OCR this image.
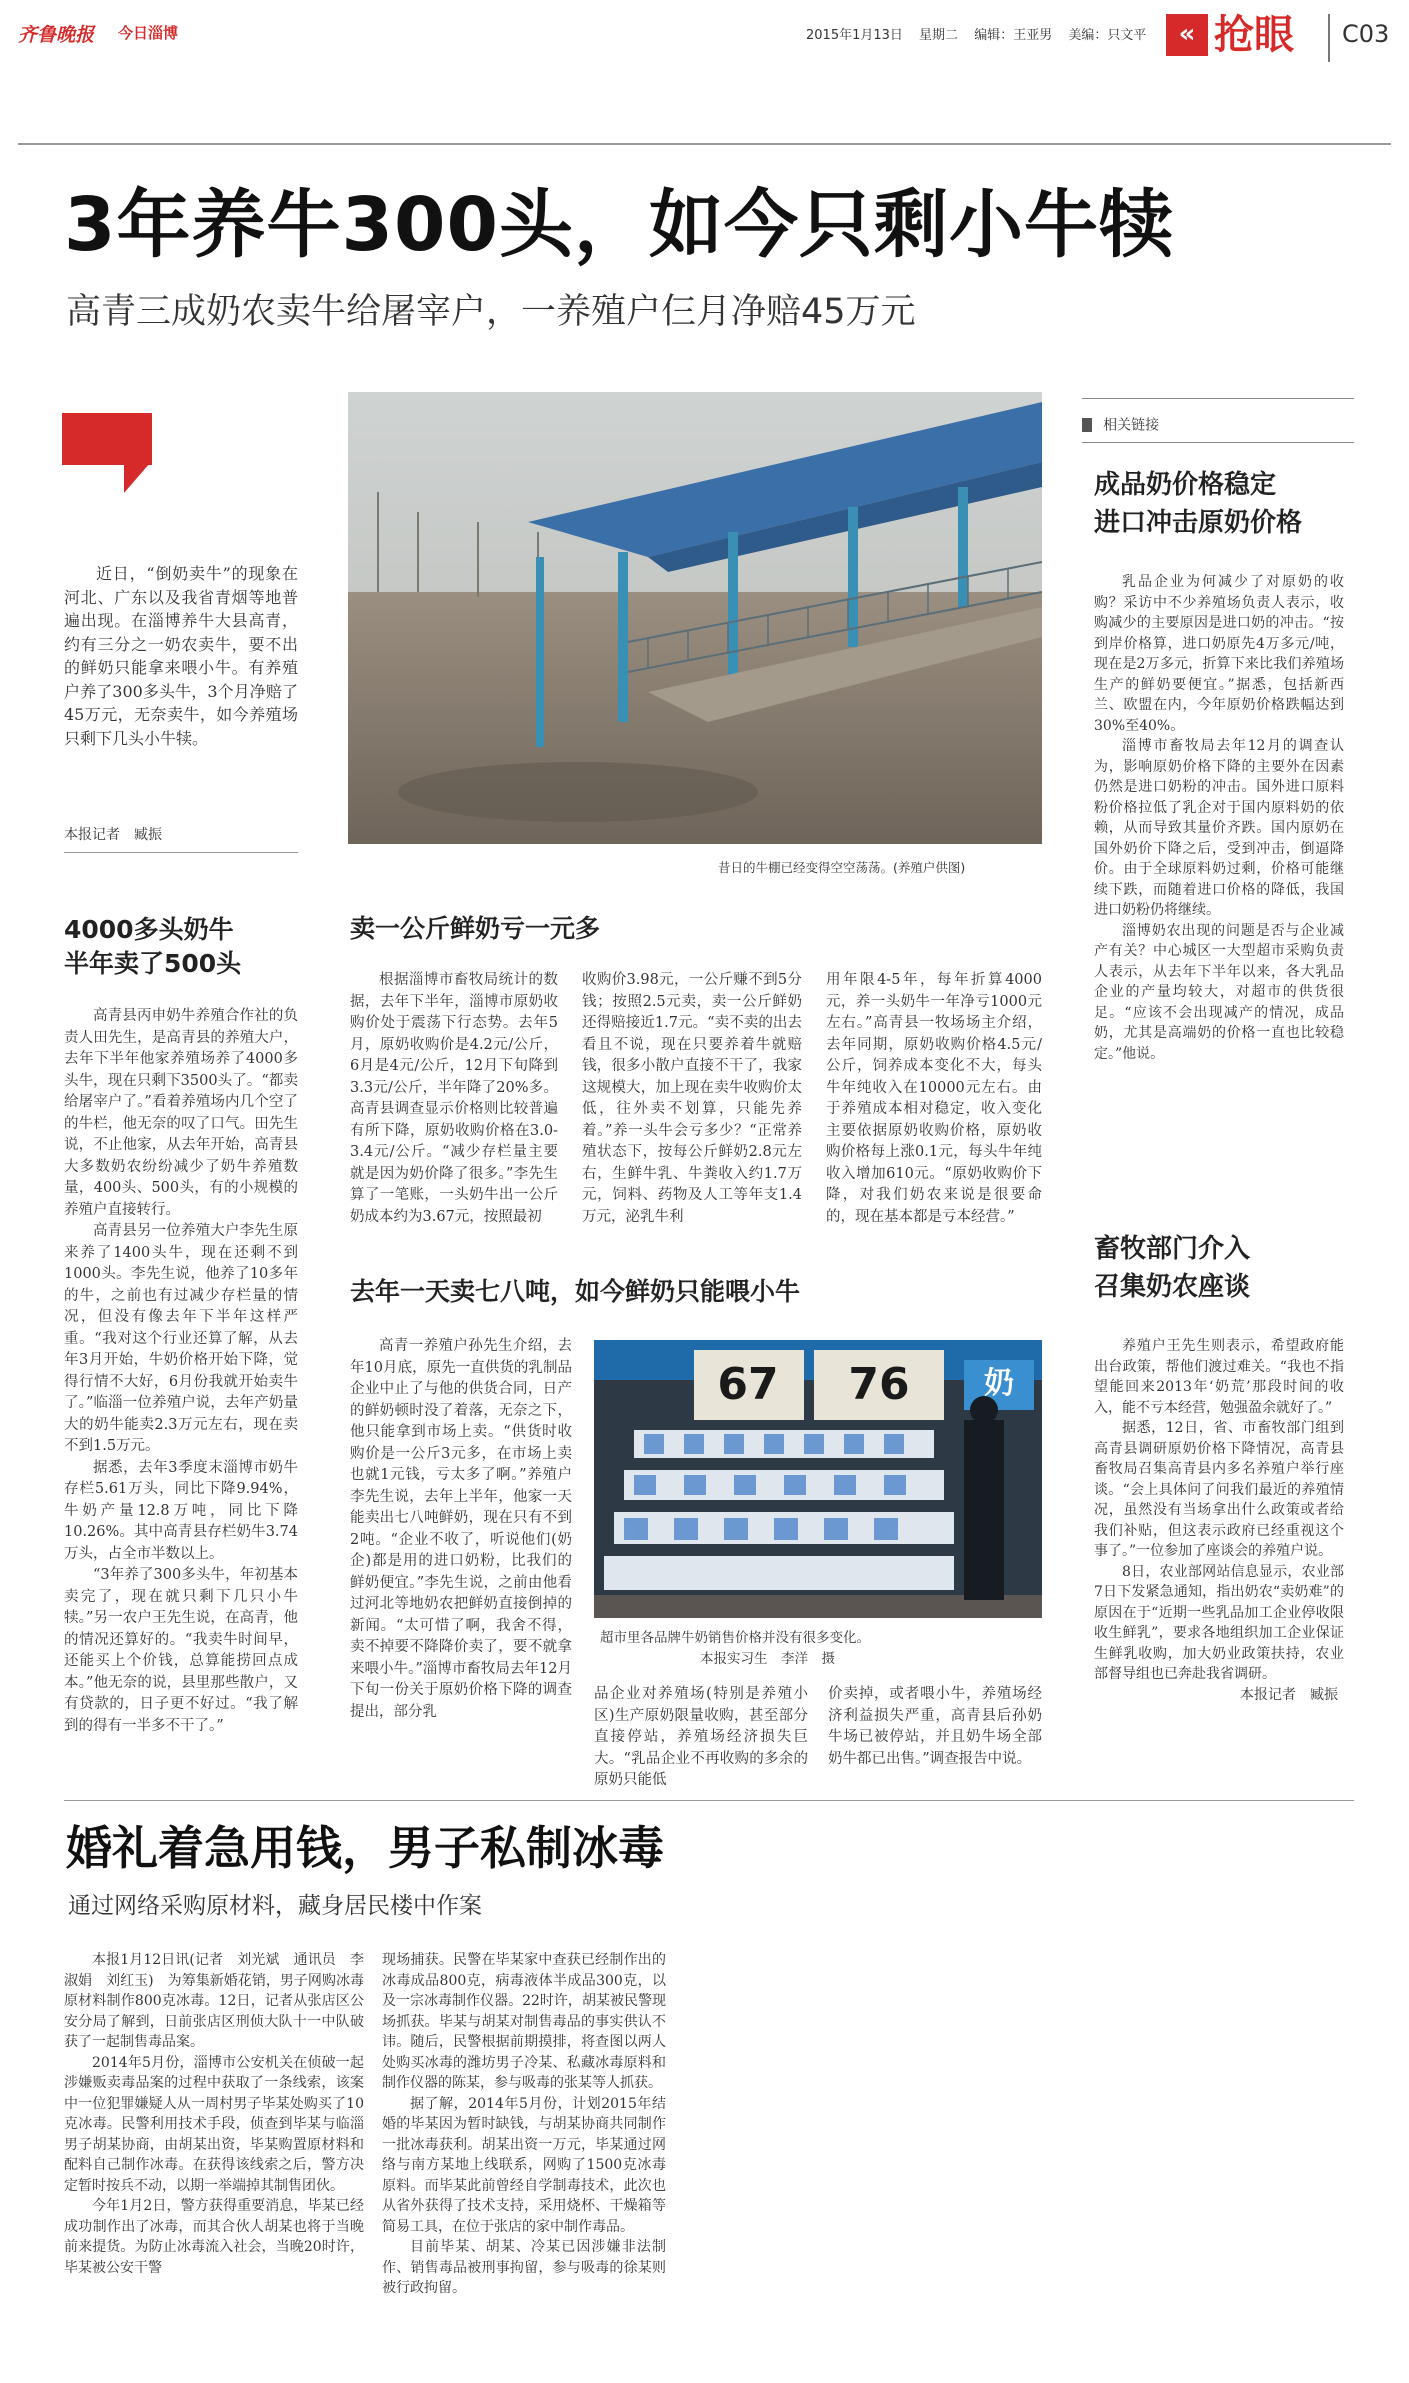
齐鲁晚报 今日淄博	2015年1月13日 星期二 编辑：王亚男 美编：只文平	« 抢眼 C03
3年养牛300头，如今只剩小牛犊
高青三成奶农卖牛给屠宰户，一养殖户仨月净赔45万元

近日，“倒奶卖牛”的现象在河北、广东以及我省青烟等地普遍出现。在淄博养牛大县高青，约有三分之一奶农卖牛，要不出的鲜奶只能拿来喂小牛。有养殖户养了300多头牛，3个月净赔了45万元，无奈卖牛，如今养殖场只剩下几头小牛犊。

本报记者　臧振
昔日的牛棚已经变得空空荡荡。(养殖户供图)
4000多头奶牛
半年卖了500头

高青县丙申奶牛养殖合作社的负责人田先生，是高青县的养殖大户，去年下半年他家养殖场养了4000多头牛，现在只剩下3500头了。“都卖给屠宰户了。”看着养殖场内几个空了的牛栏，他无奈的叹了口气。田先生说，不止他家，从去年开始，高青县大多数奶农纷纷减少了奶牛养殖数量，400头、500头，有的小规模的养殖户直接转行。

高青县另一位养殖大户李先生原来养了1400头牛，现在还剩不到1000头。李先生说，他养了10多年的牛，之前也有过减少存栏量的情况，但没有像去年下半年这样严重。“我对这个行业还算了解，从去年3月开始，牛奶价格开始下降，觉得行情不大好，6月份我就开始卖牛了。”临淄一位养殖户说，去年产奶量大的奶牛能卖2.3万元左右，现在卖不到1.5万元。

据悉，去年3季度末淄博市奶牛存栏5.61万头，同比下降9.94%，牛奶产量12.8万吨，同比下降10.26%。其中高青县存栏奶牛3.74万头，占全市半数以上。

“3年养了300多头牛，年初基本卖完了，现在就只剩下几只小牛犊。”另一农户王先生说，在高青，他的情况还算好的。“我卖牛时间早，还能买上个价钱，总算能捞回点成本。”他无奈的说，县里那些散户，又有贷款的，日子更不好过。“我了解到的得有一半多不干了。”

卖一公斤鲜奶亏一元多

根据淄博市畜牧局统计的数据，去年下半年，淄博市原奶收购价处于震荡下行态势。去年5月，原奶收购价是4.2元/公斤，6月是4元/公斤，12月下旬降到3.3元/公斤，半年降了20%多。高青县调查显示价格则比较普遍有所下降，原奶收购价格在3.0-3.4元/公斤。“减少存栏量主要就是因为奶价降了很多。”李先生算了一笔账，一头奶牛出一公斤奶成本约为3.67元，按照最初

收购价3.98元，一公斤赚不到5分钱；按照2.5元卖，卖一公斤鲜奶还得赔接近1.7元。“卖不卖的出去看且不说，现在只要养着牛就赔钱，很多小散户直接不干了，我家这规模大，加上现在卖牛收购价太低，往外卖不划算，只能先养着。”养一头牛会亏多少？“正常养殖状态下，按每公斤鲜奶2.8元左右，生鲜牛乳、牛粪收入约1.7万元，饲料、药物及人工等年支1.4万元，泌乳牛利

用年限4-5年，每年折算4000元，养一头奶牛一年净亏1000元左右。”高青县一牧场场主介绍，去年同期，原奶收购价格4.5元/公斤，饲养成本变化不大，每头牛年纯收入在10000元左右。由于养殖成本相对稳定，收入变化主要依据原奶收购价格，原奶收购价格每上涨0.1元，每头牛年纯收入增加610元。“原奶收购价下降，对我们奶农来说是很要命的，现在基本都是亏本经营。”

去年一天卖七八吨，如今鲜奶只能喂小牛

高青一养殖户孙先生介绍，去年10月底，原先一直供货的乳制品企业中止了与他的供货合同，日产的鲜奶顿时没了着落，无奈之下，他只能拿到市场上卖。“供货时收购价是一公斤3元多，在市场上卖也就1元钱，亏太多了啊。”养殖户李先生说，去年上半年，他家一天能卖出七八吨鲜奶，现在只有不到2吨。“企业不收了，听说他们(奶企)都是用的进口奶粉，比我们的鲜奶便宜。”李先生说，之前由他看过河北等地奶农把鲜奶直接倒掉的新闻。“太可惜了啊，我舍不得，卖不掉要不降降价卖了，要不就拿来喂小牛。”淄博市畜牧局去年12月下旬一份关于原奶价格下降的调查提出，部分乳

67	76	奶
超市里各品牌牛奶销售价格并没有很多变化。
本报实习生　李洋　摄

品企业对养殖场(特别是养殖小区)生产原奶限量收购，甚至部分直接停站，养殖场经济损失巨大。“乳品企业不再收购的多余的原奶只能低

价卖掉，或者喂小牛，养殖场经济利益损失严重，高青县后孙奶牛场已被停站，并且奶牛场全部奶牛都已出售。”调查报告中说。

相关链接
成品奶价格稳定
进口冲击原奶价格

乳品企业为何减少了对原奶的收购？采访中不少养殖场负责人表示，收购减少的主要原因是进口奶的冲击。“按到岸价格算，进口奶原先4万多元/吨，现在是2万多元，折算下来比我们养殖场生产的鲜奶要便宜。”据悉，包括新西兰、欧盟在内，今年原奶价格跌幅达到30%至40%。

淄博市畜牧局去年12月的调查认为，影响原奶价格下降的主要外在因素仍然是进口奶粉的冲击。国外进口原料粉价格拉低了乳企对于国内原料奶的依赖，从而导致其量价齐跌。国内原奶在国外奶价下降之后，受到冲击，倒逼降价。由于全球原料奶过剩，价格可能继续下跌，而随着进口价格的降低，我国进口奶粉仍将继续。

淄博奶农出现的问题是否与企业减产有关？中心城区一大型超市采购负责人表示，从去年下半年以来，各大乳品企业的产量均较大，对超市的供货很足。“应该不会出现减产的情况，成品奶，尤其是高端奶的价格一直也比较稳定。”他说。

畜牧部门介入
召集奶农座谈

养殖户王先生则表示，希望政府能出台政策，帮他们渡过难关。“我也不指望能回来2013年‘奶荒’那段时间的收入，能不亏本经营，勉强盈余就好了。”

据悉，12日，省、市畜牧部门组到高青县调研原奶价格下降情况，高青县畜牧局召集高青县内多名养殖户举行座谈。“会上具体问了问我们最近的养殖情况，虽然没有当场拿出什么政策或者给我们补贴，但这表示政府已经重视这个事了。”一位参加了座谈会的养殖户说。

8日，农业部网站信息显示，农业部7日下发紧急通知，指出奶农“卖奶难”的原因在于“近期一些乳品加工企业停收限收生鲜乳”，要求各地组织加工企业保证生鲜乳收购，加大奶业政策扶持，农业部督导组也已奔赴我省调研。

本报记者　臧振
婚礼着急用钱，男子私制冰毒
通过网络采购原材料，藏身居民楼中作案

本报1月12日讯(记者　刘光斌　通讯员　李淑娟　刘红玉)　为筹集新婚花销，男子网购冰毒原材料制作800克冰毒。12日，记者从张店区公安分局了解到，日前张店区刑侦大队十一中队破获了一起制售毒品案。

2014年5月份，淄博市公安机关在侦破一起涉嫌贩卖毒品案的过程中获取了一条线索，该案中一位犯罪嫌疑人从一周村男子毕某处购买了10克冰毒。民警利用技术手段，侦查到毕某与临淄男子胡某协商，由胡某出资，毕某购置原材料和配料自己制作冰毒。在获得该线索之后，警方决定暂时按兵不动，以期一举端掉其制售团伙。

今年1月2日，警方获得重要消息，毕某已经成功制作出了冰毒，而其合伙人胡某也将于当晚前来提货。为防止冰毒流入社会，当晚20时许，毕某被公安干警

现场捕获。民警在毕某家中查获已经制作出的冰毒成品800克，病毒液体半成品300克，以及一宗冰毒制作仪器。22时许，胡某被民警现场抓获。毕某与胡某对制售毒品的事实供认不讳。随后，民警根据前期摸排，将查图以两人处购买冰毒的潍坊男子冷某、私藏冰毒原料和制作仪器的陈某，参与吸毒的张某等人抓获。

据了解，2014年5月份，计划2015年结婚的毕某因为暂时缺钱，与胡某协商共同制作一批冰毒获利。胡某出资一万元，毕某通过网络与南方某地上线联系，网购了1500克冰毒原料。而毕某此前曾经自学制毒技术，此次也从省外获得了技术支持，采用烧杯、干燥箱等简易工具，在位于张店的家中制作毒品。

目前毕某、胡某、冷某已因涉嫌非法制作、销售毒品被刑事拘留，参与吸毒的徐某则被行政拘留。
